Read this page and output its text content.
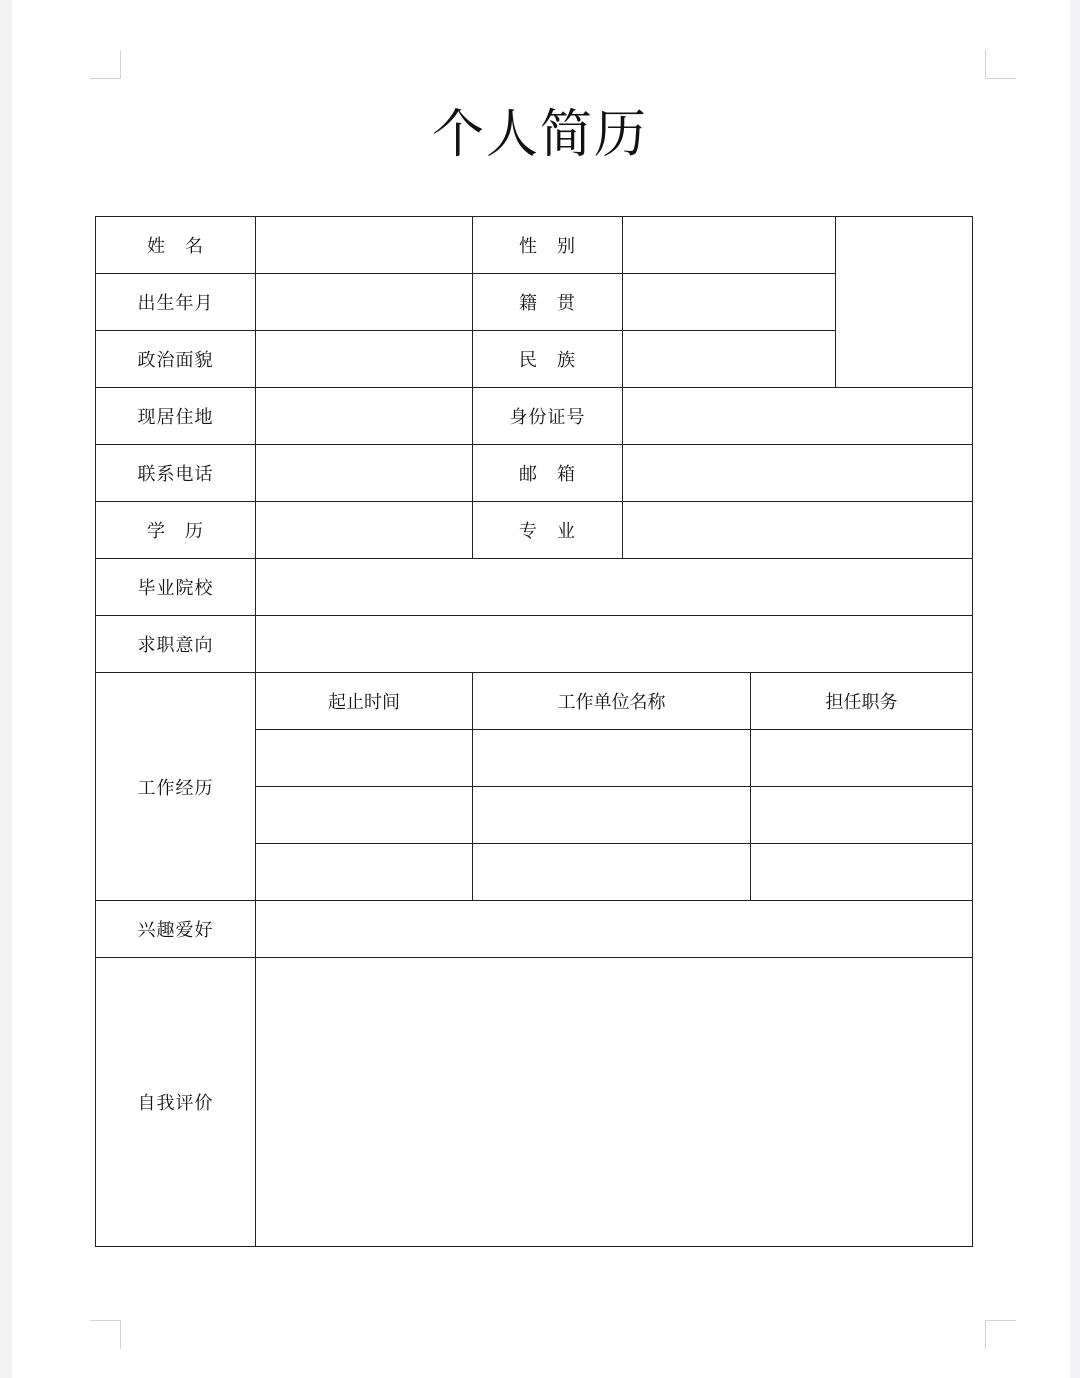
个人简历
姓　名		性　别			
出生年月		籍　贯			
政治面貌		民　族			
现居住地		身份证号			
联系电话		邮　箱			
学　历		专　业			
毕业院校					
求职意向					
工作经历	起止时间	工作单位名称		担任职务	

兴趣爱好					
自我评价					
